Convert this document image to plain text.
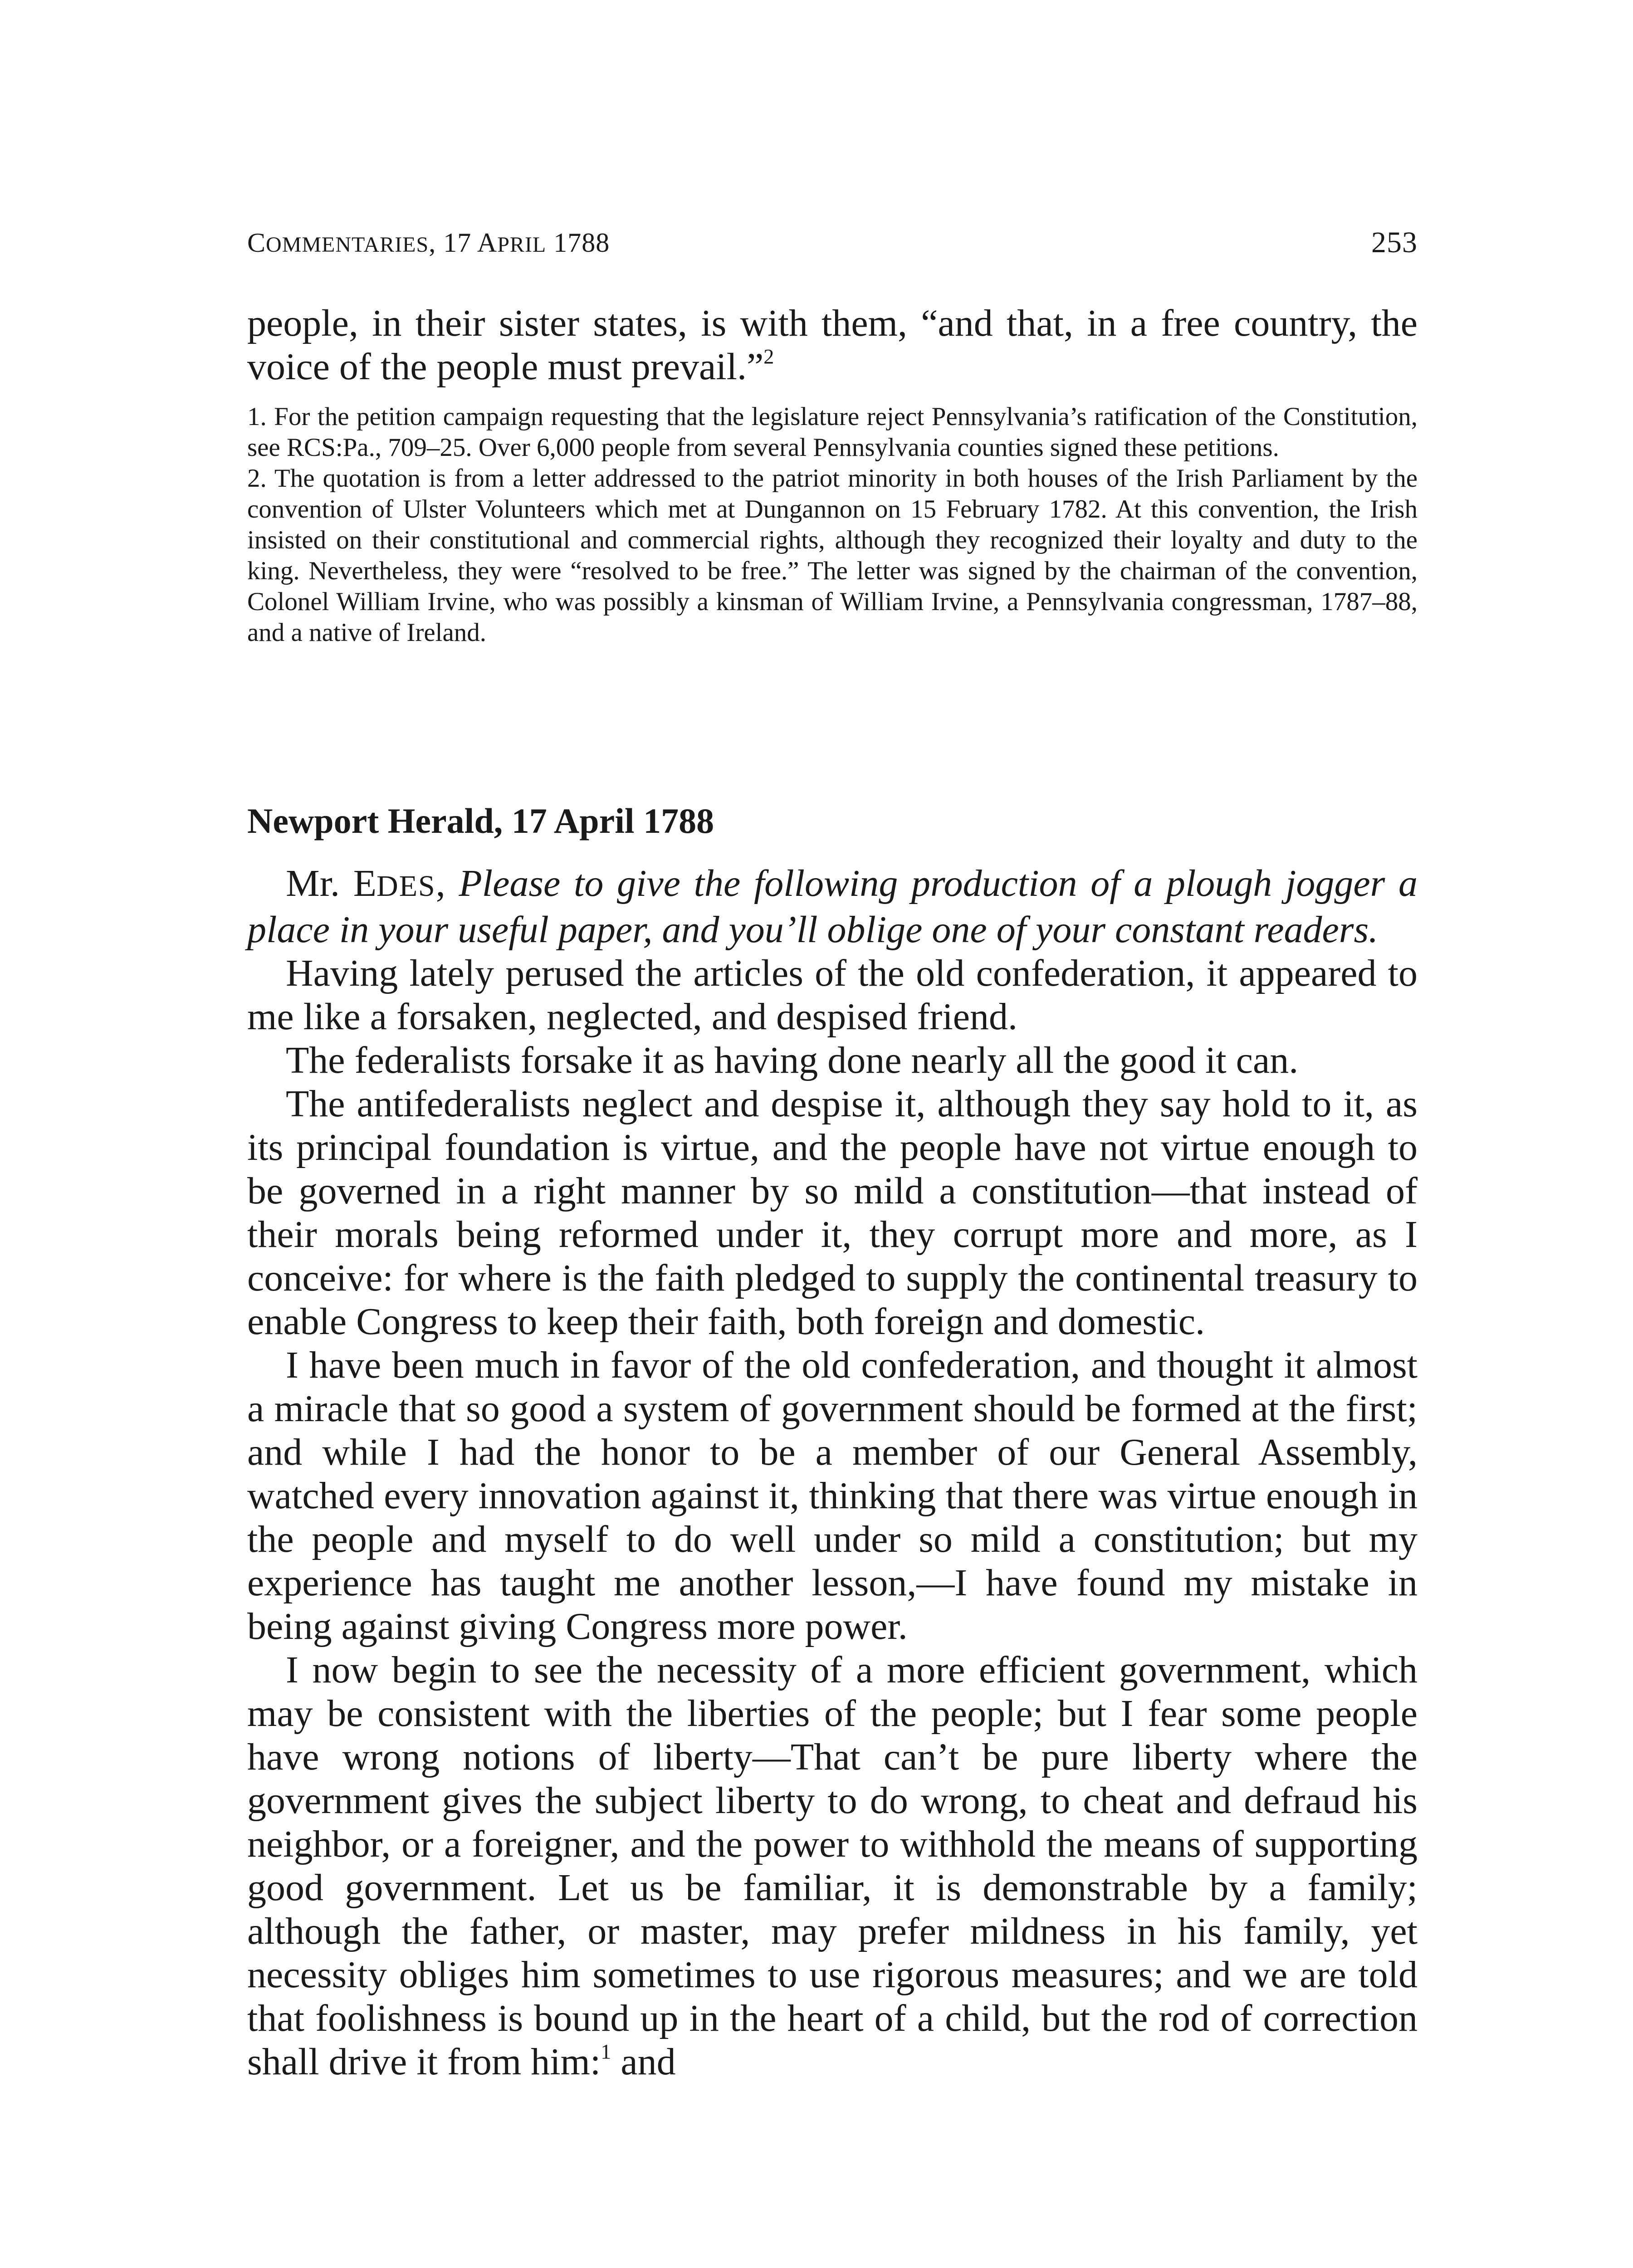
COMMENTARIES, 17 APRIL 1788	253

people, in their sister states, is with them, “and that, in a free country, the voice of the people must prevail.”$^2$

1. For the petition campaign requesting that the legislature reject Pennsylvania’s ratification of the Constitution, see RCS:Pa., 709–25. Over 6,000 people from several Pennsylvania counties signed these petitions.

2. The quotation is from a letter addressed to the patriot minority in both houses of the Irish Parliament by the convention of Ulster Volunteers which met at Dungannon on 15 February 1782. At this convention, the Irish insisted on their constitutional and commercial rights, although they recognized their loyalty and duty to the king. Nevertheless, they were “resolved to be free.” The letter was signed by the chairman of the convention, Colonel William Irvine, who was possibly a kinsman of William Irvine, a Pennsylvania congressman, 1787–88, and a native of Ireland.

Newport Herald, 17 April 1788

Mr. EDES, Please to give the following production of a plough jogger a place in your useful paper, and you’ll oblige one of your constant readers.

Having lately perused the articles of the old confederation, it appeared to me like a forsaken, neglected, and despised friend.

The federalists forsake it as having done nearly all the good it can.

The antifederalists neglect and despise it, although they say hold to it, as its principal foundation is virtue, and the people have not virtue enough to be governed in a right manner by so mild a constitution—that instead of their morals being reformed under it, they corrupt more and more, as I conceive: for where is the faith pledged to supply the continental treasury to enable Congress to keep their faith, both foreign and domestic.

I have been much in favor of the old confederation, and thought it almost a miracle that so good a system of government should be formed at the first; and while I had the honor to be a member of our General Assembly, watched every innovation against it, thinking that there was virtue enough in the people and myself to do well under so mild a constitution; but my experience has taught me another lesson,—I have found my mistake in being against giving Congress more power.

I now begin to see the necessity of a more efficient government, which may be consistent with the liberties of the people; but I fear some people have wrong notions of liberty—That can’t be pure liberty where the government gives the subject liberty to do wrong, to cheat and defraud his neighbor, or a foreigner, and the power to withhold the means of supporting good government. Let us be familiar, it is demonstrable by a family; although the father, or master, may prefer mildness in his family, yet necessity obliges him sometimes to use rigorous measures; and we are told that foolishness is bound up in the heart of a child, but the rod of correction shall drive it from him:$^1$ and
